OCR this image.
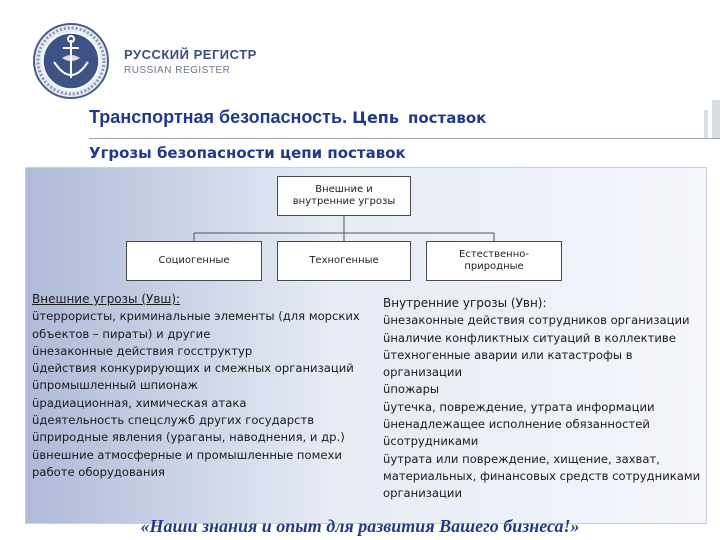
РУССКИЙ РЕГИСТР
RUSSIAN REGISTER
Транспортная безопасность. Цепь поставок
Угрозы безопасности цепи поставок
Внешние и внутренние угрозы
Социогенные	Техногенные
Естественно-природные
Внешние угрозы (Увш):
üтеррористы, криминальные элементы (для морских объектов – пираты) и другие
üнезаконные действия госструктур
üдействия конкурирующих и смежных организаций
üпромышленный шпионаж
üрадиационная, химическая атака
üдеятельность спецслужб других государств
üприродные явления (ураганы, наводнения, и др.)
üвнешние атмосферные и промышленные помехи работе оборудования
Внутренние угрозы (Увн):
üнезаконные действия сотрудников организации
üналичие конфликтных ситуаций в коллективе
üтехногенные аварии или катастрофы в организации
üпожары
üутечка, повреждение, утрата информации
üненадлежащее исполнение обязанностей
üсотрудниками
üутрата или повреждение, хищение, захват, материальных, финансовых средств сотрудниками организации
«Наши знания и опыт для развития Вашего бизнеса!»
